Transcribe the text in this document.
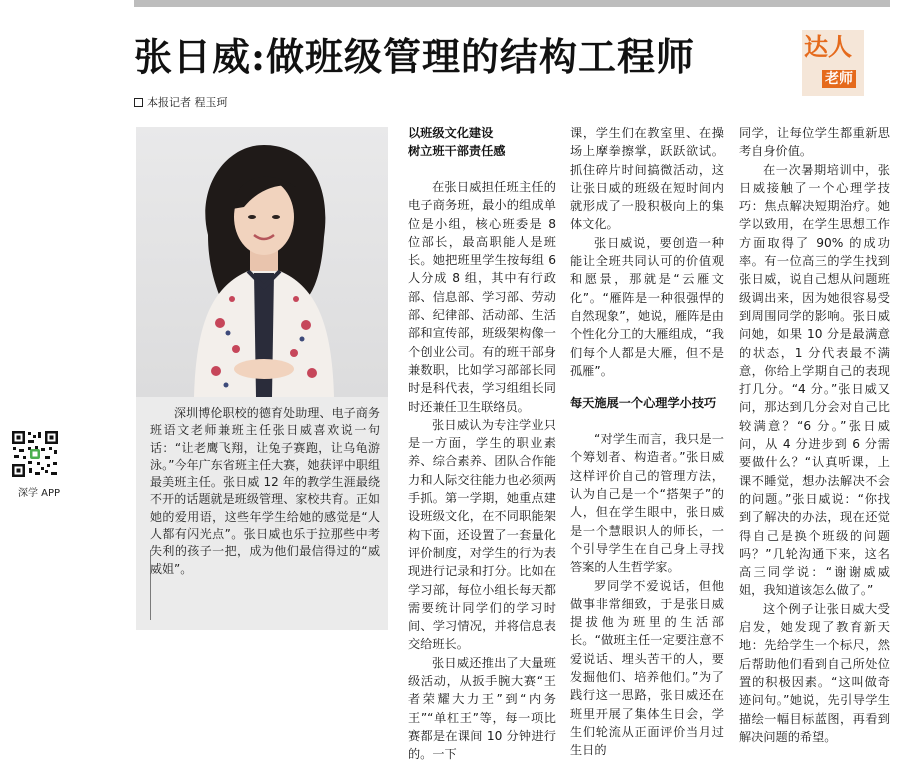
张日威:做班级管理的结构工程师	达人
老师
本报记者 程玉珂

深圳博伦职校的德育处助理、电子商务班语文老师兼班主任张日威喜欢说一句话：“让老鹰飞翔，让兔子赛跑，让乌龟游泳。”今年广东省班主任大赛，她获评中职组最美班主任。张日威 12 年的教学生涯最绕不开的话题就是班级管理、家校共育。正如她的爱用语，这些年学生给她的感觉是“人人都有闪光点”。张日威也乐于拉那些中考失利的孩子一把，成为他们最信得过的“威威姐”。

深学 APP

以班级文化建设

树立班干部责任感

在张日威担任班主任的电子商务班，最小的组成单位是小组，核心班委是 8 位部长，最高职能人是班长。她把班里学生按每组 6 人分成 8 组，其中有行政部、信息部、学习部、劳动部、纪律部、活动部、生活部和宣传部，班级架构像一个创业公司。有的班干部身兼数职，比如学习部部长同时是科代表，学习组组长同时还兼任卫生联络员。

张日威认为专注学业只是一方面，学生的职业素养、综合素养、团队合作能力和人际交往能力也必须两手抓。第一学期，她重点建设班级文化，在不同职能架构下面，还设置了一套量化评价制度，对学生的行为表现进行记录和打分。比如在学习部，每位小组长每天都需要统计同学们的学习时间、学习情况，并将信息表交给班长。

张日威还推出了大量班级活动，从扳手腕大赛“王者荣耀大力王”到“内务王”“单杠王”等，每一项比赛都是在课间 10 分钟进行的。一下

课，学生们在教室里、在操场上摩拳擦掌，跃跃欲试。抓住碎片时间搞微活动，这让张日威的班级在短时间内就形成了一股积极向上的集体文化。

张日威说，要创造一种能让全班共同认可的价值观和愿景，那就是“云雁文化”。“雁阵是一种很强悍的自然现象”，她说，雁阵是由个性化分工的大雁组成，“我们每个人都是大雁，但不是孤雁”。

每天施展一个心理学小技巧

“对学生而言，我只是一个筹划者、构造者。”张日威这样评价自己的管理方法，认为自己是一个“搭架子”的人，但在学生眼中，张日威是一个慧眼识人的师长，一个引导学生在自己身上寻找答案的人生哲学家。

罗同学不爱说话，但他做事非常细致，于是张日威提拔他为班里的生活部长。“做班主任一定要注意不爱说话、埋头苦干的人，要发掘他们、培养他们。”为了践行这一思路，张日威还在班里开展了集体生日会，学生们轮流从正面评价当月过生日的

同学，让每位学生都重新思考自身价值。

在一次暑期培训中，张日威接触了一个心理学技巧：焦点解决短期治疗。她学以致用，在学生思想工作方面取得了 90% 的成功率。有一位高三的学生找到张日威，说自己想从问题班级调出来，因为她很容易受到周围同学的影响。张日威问她，如果 10 分是最满意的状态，1 分代表最不满意，你给上学期自己的表现打几分。“4 分。”张日威又问，那达到几分会对自己比较满意？“6 分。”张日威问，从 4 分进步到 6 分需要做什么？“认真听课，上课不睡觉，想办法解决不会的问题。”张日威说：“你找到了解决的办法，现在还觉得自己是换个班级的问题吗？”几轮沟通下来，这名高三同学说：“谢谢威威姐，我知道该怎么做了。”

这个例子让张日威大受启发，她发现了教育新天地：先给学生一个标尺，然后帮助他们看到自己所处位置的积极因素。“这叫做奇迹问句。”她说，先引导学生描绘一幅目标蓝图，再看到解决问题的希望。
